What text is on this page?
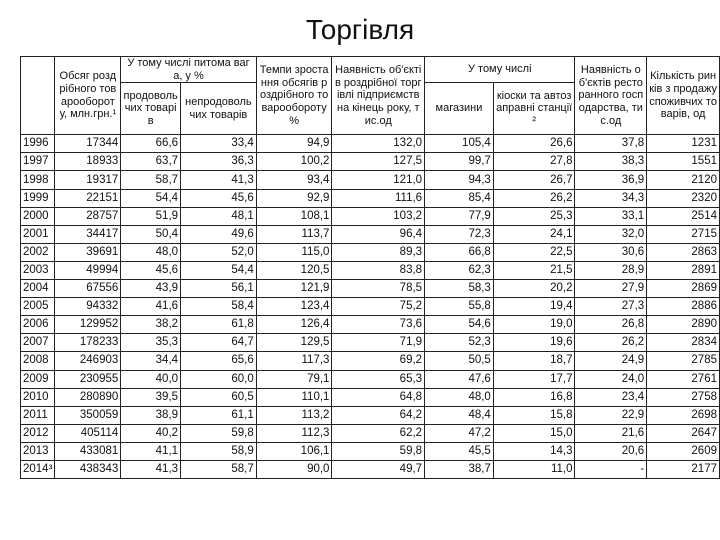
Торгівля
	Обсяг роздрібного товарообороту, млн.грн.¹	У тому числі питома вага, у %		Темпи зростання обсягів роздрібного товарообороту %	Наявність об'єктів роздрібної торгівлі підприємств на кінець року, тис.од	У тому числі		Наявність об'єктів ресторанного господарства, тис.од	Кількість ринків з продажу споживчих товарів, од
		продовольчих товарів	непродовольчих товарів			магазини	кіоски та автозаправні станції ²		

1996	17344	66,6	33,4	94,9	132,0	105,4	26,6	37,8	1231
1997	18933	63,7	36,3	100,2	127,5	99,7	27,8	38,3	1551
1998	19317	58,7	41,3	93,4	121,0	94,3	26,7	36,9	2120
1999	22151	54,4	45,6	92,9	111,6	85,4	26,2	34,3	2320
2000	28757	51,9	48,1	108,1	103,2	77,9	25,3	33,1	2514
2001	34417	50,4	49,6	113,7	96,4	72,3	24,1	32,0	2715
2002	39691	48,0	52,0	115,0	89,3	66,8	22,5	30,6	2863
2003	49994	45,6	54,4	120,5	83,8	62,3	21,5	28,9	2891
2004	67556	43,9	56,1	121,9	78,5	58,3	20,2	27,9	2869
2005	94332	41,6	58,4	123,4	75,2	55,8	19,4	27,3	2886
2006	129952	38,2	61,8	126,4	73,6	54,6	19,0	26,8	2890
2007	178233	35,3	64,7	129,5	71,9	52,3	19,6	26,2	2834
2008	246903	34,4	65,6	117,3	69,2	50,5	18,7	24,9	2785
2009	230955	40,0	60,0	79,1	65,3	47,6	17,7	24,0	2761
2010	280890	39,5	60,5	110,1	64,8	48,0	16,8	23,4	2758
2011	350059	38,9	61,1	113,2	64,2	48,4	15,8	22,9	2698
2012	405114	40,2	59,8	112,3	62,2	47,2	15,0	21,6	2647
2013	433081	41,1	58,9	106,1	59,8	45,5	14,3	20,6	2609
2014³	438343	41,3	58,7	90,0	49,7	38,7	11,0	-	2177
